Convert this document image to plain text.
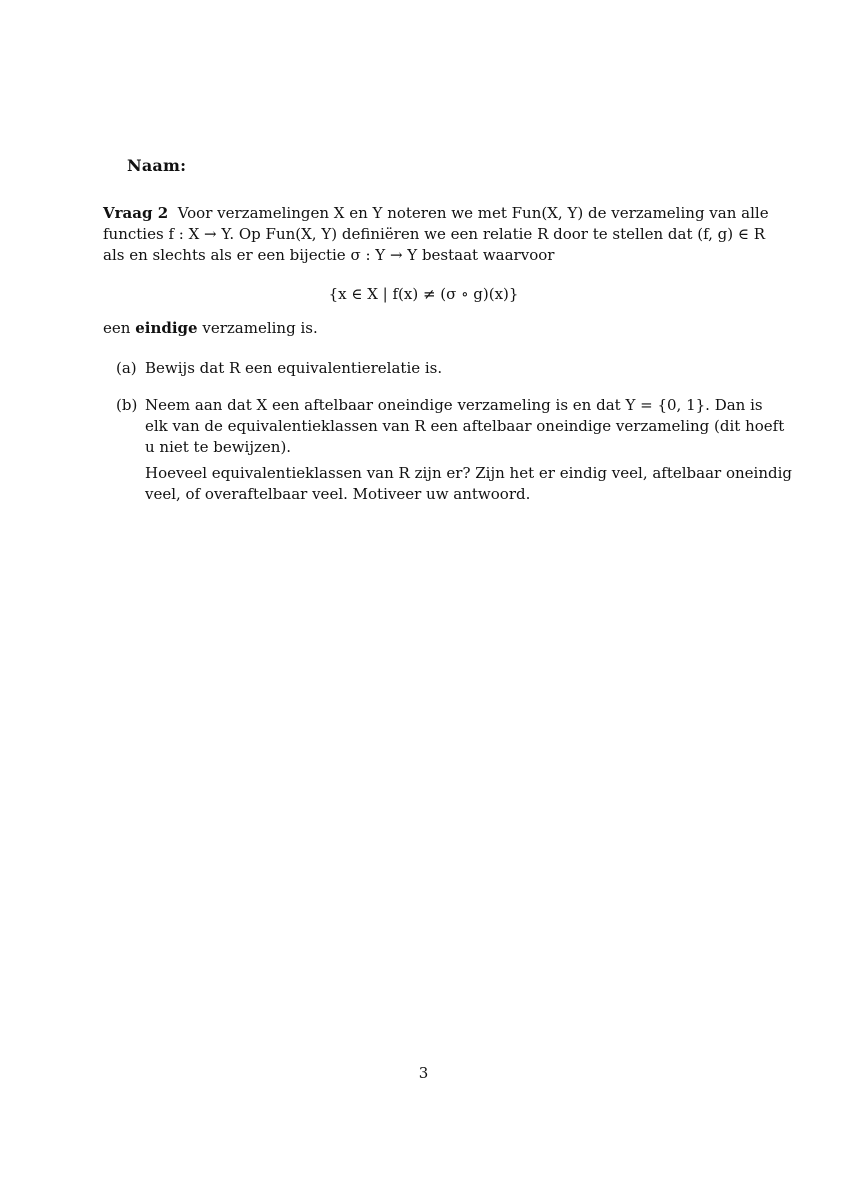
Naam:
Vraag 2 Voor verzamelingen X en Y noteren we met Fun(X, Y) de verzameling van alle
functies f : X → Y. Op Fun(X, Y) definiëren we een relatie R door te stellen dat (f, g) ∈ R
als en slechts als er een bijectie σ : Y → Y bestaat waarvoor
{x ∈ X | f(x) ≠ (σ ∘ g)(x)}
een eindige verzameling is.
(a) Bewijs dat R een equivalentierelatie is.
(b) Neem aan dat X een aftelbaar oneindige verzameling is en dat Y = {0, 1}. Dan is
elk van de equivalentieklassen van R een aftelbaar oneindige verzameling (dit hoeft
u niet te bewijzen).
Hoeveel equivalentieklassen van R zijn er? Zijn het er eindig veel, aftelbaar oneindig
veel, of overaftelbaar veel. Motiveer uw antwoord.
3
